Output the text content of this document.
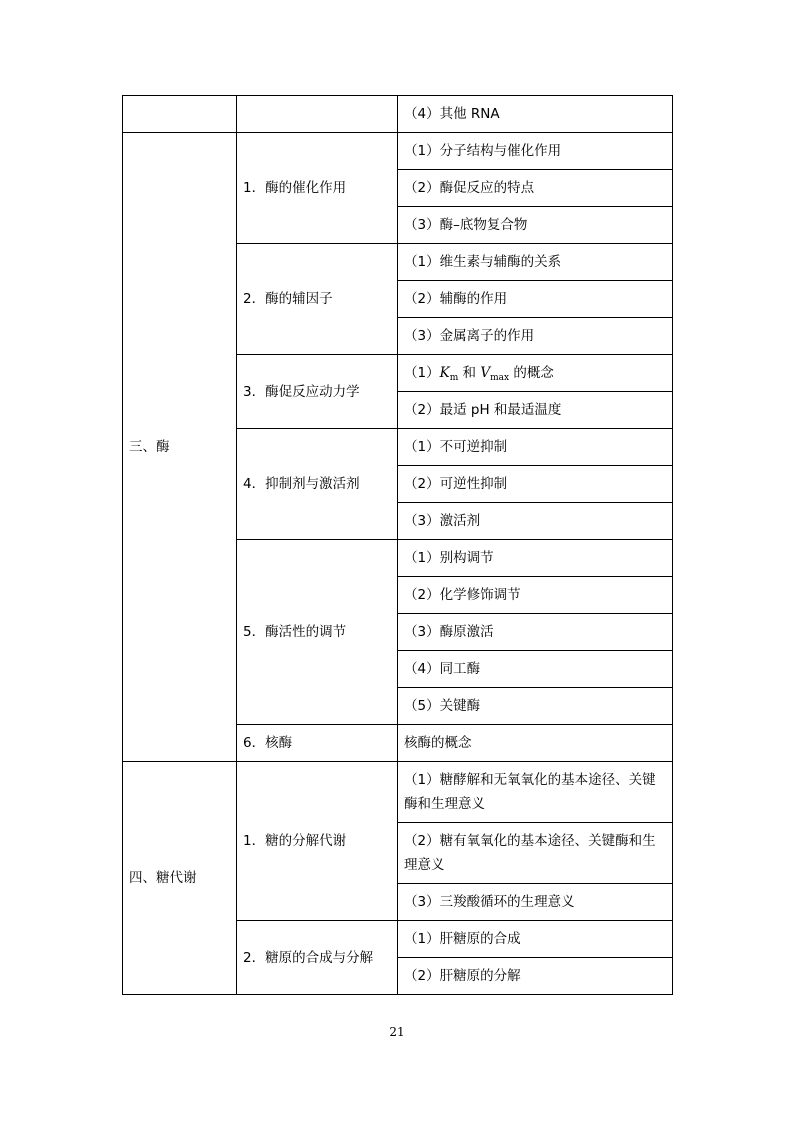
		（4）其他 RNA
三、酶	1．酶的催化作用	（1）分子结构与催化作用
		（2）酶促反应的特点
		（3）酶–底物复合物
	2．酶的辅因子	（1）维生素与辅酶的关系
		（2）辅酶的作用
		（3）金属离子的作用
	3．酶促反应动力学	$(1)K_m$ 和 $V_{max}$ 的概念
		（2）最适 pH 和最适温度
	4．抑制剂与激活剂	（1）不可逆抑制
		（2）可逆性抑制
		（3）激活剂
	5．酶活性的调节	（1）别构调节
		（2）化学修饰调节
		（3）酶原激活
		（4）同工酶
		（5）关键酶
	6．核酶	核酶的概念
四、糖代谢	1．糖的分解代谢	（1）糖酵解和无氧氧化的基本途径、关键酶和生理意义
		（2）糖有氧氧化的基本途径、关键酶和生理意义
		（3）三羧酸循环的生理意义
	2．糖原的合成与分解	（1）肝糖原的合成
		（2）肝糖原的分解
21
